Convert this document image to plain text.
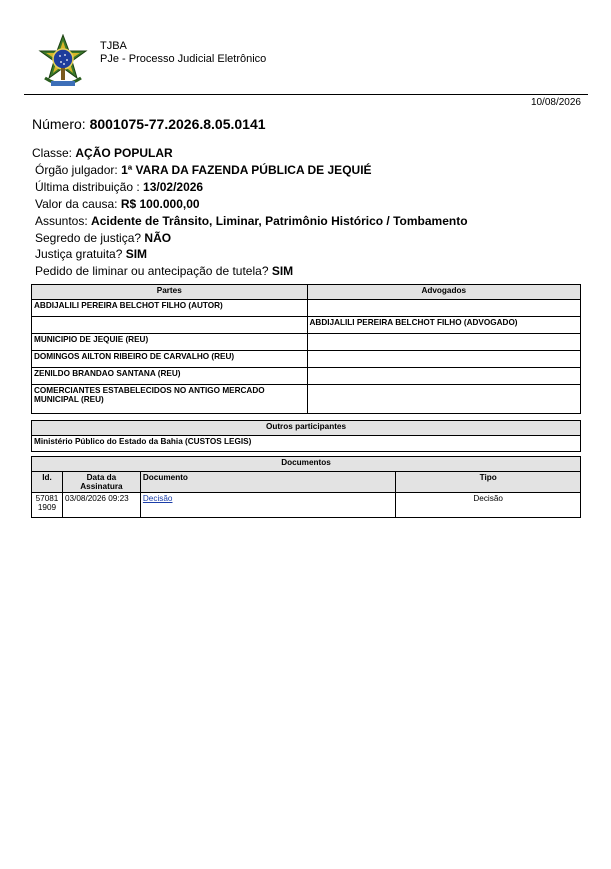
TJBA
PJe - Processo Judicial Eletrônico
10/08/2026
Número: 8001075-77.2026.8.05.0141
Classe: AÇÃO POPULAR
Órgão julgador: 1ª VARA DA FAZENDA PÚBLICA DE JEQUIÉ
Última distribuição : 13/02/2026
Valor da causa: R$ 100.000,00
Assuntos: Acidente de Trânsito, Liminar, Patrimônio Histórico / Tombamento
Segredo de justiça? NÃO
Justiça gratuita? SIM
Pedido de liminar ou antecipação de tutela? SIM
Partes	Advogados
ABDIJALILI PEREIRA BELCHOT FILHO (AUTOR)	
	ABDIJALILI PEREIRA BELCHOT FILHO (ADVOGADO)
MUNICIPIO DE JEQUIE (REU)	
DOMINGOS AILTON RIBEIRO DE CARVALHO (REU)	
ZENILDO BRANDAO SANTANA (REU)	
COMERCIANTES ESTABELECIDOS NO ANTIGO MERCADO MUNICIPAL (REU)	
Outros participantes
Ministério Público do Estado da Bahia (CUSTOS LEGIS)
Documentos			
Id.	Data da Assinatura	Documento	Tipo
57081 1909	03/08/2026 09:23	Decisão	Decisão
